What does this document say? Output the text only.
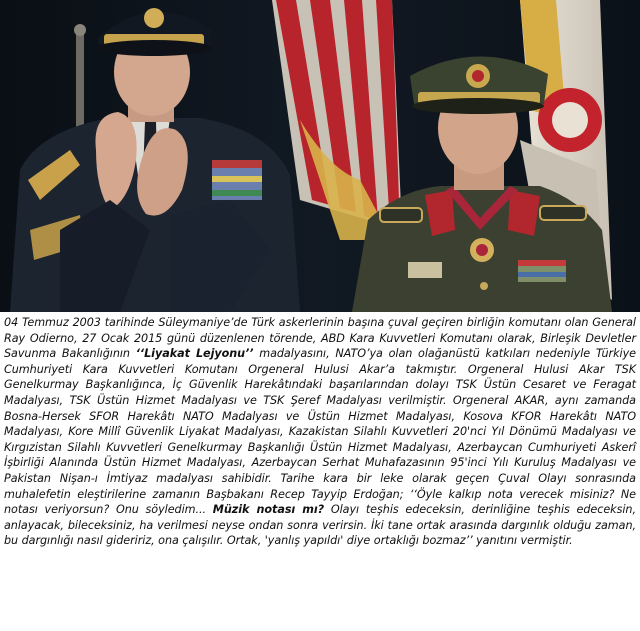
04 Temmuz 2003 tarihinde Süleymaniye’de Türk askerlerinin başına çuval geçiren birliğin komutanı olan General Ray Odierno, 27 Ocak 2015 günü düzenlenen törende, ABD Kara Kuvvetleri Komutanı olarak, Birleşik Devletler Savunma Bakanlığının ‘‘Liyakat Lejyonu’’ madalyasını, NATO’ya olan olağanüstü katkıları nedeniyle Türkiye Cumhuriyeti Kara Kuvvetleri Komutanı Orgeneral Hulusi Akar’a takmıştır. Orgeneral Hulusi Akar TSK Genelkurmay Başkanlığınca, İç Güvenlik Harekâtındaki başarılarından dolayı TSK Üstün Cesaret ve Feragat Madalyası, TSK Üstün Hizmet Madalyası ve TSK Şeref Madalyası verilmiştir. Orgeneral AKAR, aynı zamanda Bosna-Hersek SFOR Harekâtı NATO Madalyası ve Üstün Hizmet Madalyası, Kosova KFOR Harekâtı NATO Madalyası, Kore Millî Güvenlik Liyakat Madalyası, Kazakistan Silahlı Kuvvetleri 20'nci Yıl Dönümü Madalyası ve Kırgızistan Silahlı Kuvvetleri Genelkurmay Başkanlığı Üstün Hizmet Madalyası, Azerbaycan Cumhuriyeti Askerî İşbirliği Alanında Üstün Hizmet Madalyası, Azerbaycan Serhat Muhafazasının 95'inci Yılı Kuruluş Madalyası ve Pakistan Nişan-ı İmtiyaz madalyası sahibidir. Tarihe kara bir leke olarak geçen Çuval Olayı sonrasında muhalefetin eleştirilerine zamanın Başbakanı Recep Tayyip Erdoğan; ‘‘Öyle kalkıp nota verecek misiniz? Ne notası veriyorsun? Onu söyledim... Müzik notası mı? Olayı teşhis edeceksin, derinliğine teşhis edeceksin, anlayacak, bileceksiniz, ha verilmesi neyse ondan sonra verirsin. İki tane ortak arasında dargınlık olduğu zaman, bu dargınlığı nasıl gideririz, ona çalışılır. Ortak, 'yanlış yapıldı' diye ortaklığı bozmaz’’ yanıtını vermiştir.
